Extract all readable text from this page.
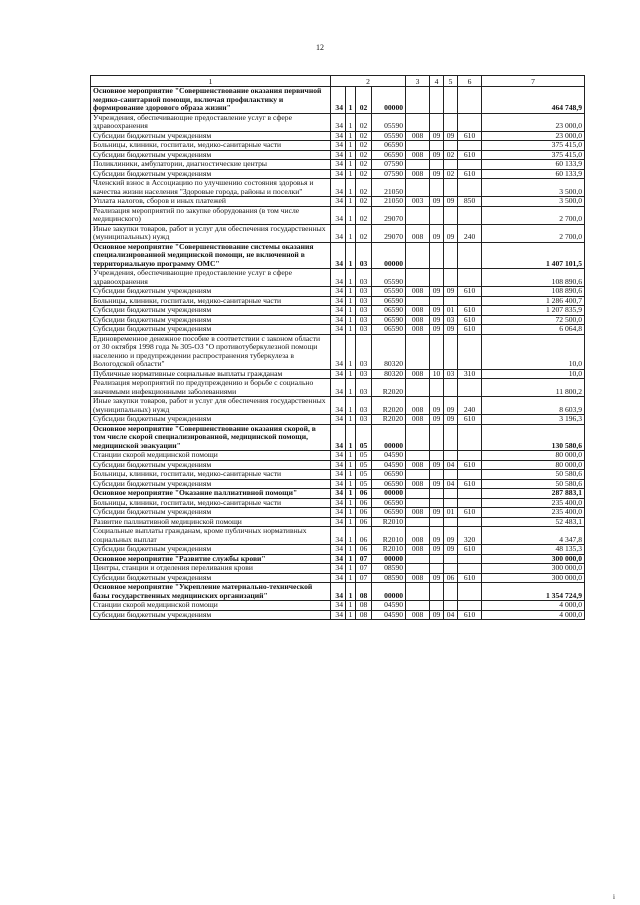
12
1	2				3	4	5	6	7
Основное мероприятие "Совершенствование оказания первичной медико-санитарной помощи, включая профилактику и формирование здорового образа жизни"	34	1	02	00000					464 748,9
Учреждения, обеспечивающие предоставление услуг в сфере здравоохранения	34	1	02	05590					23 000,0
Субсидии бюджетным учреждениям	34	1	02	05590	008	09	09	610	23 000,0
Больницы, клиники, госпитали, медико-санитарные части	34	1	02	06590					375 415,0
Субсидии бюджетным учреждениям	34	1	02	06590	008	09	02	610	375 415,0
Поликлиники, амбулатории, диагностические центры	34	1	02	07590					60 133,9
Субсидии бюджетным учреждениям	34	1	02	07590	008	09	02	610	60 133,9
Членский взнос в Ассоциацию по улучшению состояния здоровья и качества жизни населения "Здоровые города, районы и поселки"	34	1	02	21050					3 500,0
Уплата налогов, сборов и иных платежей	34	1	02	21050	003	09	09	850	3 500,0
Реализация мероприятий по закупке оборудования (в том числе медицинского)	34	1	02	29070					2 700,0
Иные закупки товаров, работ и услуг для обеспечения государственных (муниципальных) нужд	34	1	02	29070	008	09	09	240	2 700,0
Основное мероприятие "Совершенствование системы оказания специализированной медицинской помощи, не включенной в территориальную программу ОМС"	34	1	03	00000					1 407 101,5
Учреждения, обеспечивающие предоставление услуг в сфере здравоохранения	34	1	03	05590					108 890,6
Субсидии бюджетным учреждениям	34	1	03	05590	008	09	09	610	108 890,6
Больницы, клиники, госпитали, медико-санитарные части	34	1	03	06590					1 286 400,7
Субсидии бюджетным учреждениям	34	1	03	06590	008	09	01	610	1 207 835,9
Субсидии бюджетным учреждениям	34	1	03	06590	008	09	03	610	72 500,0
Субсидии бюджетным учреждениям	34	1	03	06590	008	09	09	610	6 064,8
Единовременное денежное пособие в соответствии с законом области от 30 октября 1998 года № 305-ОЗ "О противотуберкулезной помощи населению и предупреждении распространения туберкулеза в Вологодской области"	34	1	03	80320					10,0
Публичные нормативные социальные выплаты гражданам	34	1	03	80320	008	10	03	310	10,0
Реализация мероприятий по предупреждению и борьбе с социально значимыми инфекционными заболеваниями	34	1	03	R2020					11 800,2
Иные закупки товаров, работ и услуг для обеспечения государственных (муниципальных) нужд	34	1	03	R2020	008	09	09	240	8 603,9
Субсидии бюджетным учреждениям	34	1	03	R2020	008	09	09	610	3 196,3
Основное мероприятие "Совершенствование оказания скорой, в том числе скорой специализированной, медицинской помощи, медицинской эвакуации"	34	1	05	00000					130 580,6
Станции скорой медицинской помощи	34	1	05	04590					80 000,0
Субсидии бюджетным учреждениям	34	1	05	04590	008	09	04	610	80 000,0
Больницы, клиники, госпитали, медико-санитарные части	34	1	05	06590					50 580,6
Субсидии бюджетным учреждениям	34	1	05	06590	008	09	04	610	50 580,6
Основное мероприятие "Оказание паллиативной помощи"	34	1	06	00000					287 883,1
Больницы, клиники, госпитали, медико-санитарные части	34	1	06	06590					235 400,0
Субсидии бюджетным учреждениям	34	1	06	06590	008	09	01	610	235 400,0
Развитие паллиативной медицинской помощи	34	1	06	R2010					52 483,1
Социальные выплаты гражданам, кроме публичных нормативных социальных выплат	34	1	06	R2010	008	09	09	320	4 347,8
Субсидии бюджетным учреждениям	34	1	06	R2010	008	09	09	610	48 135,3
Основное мероприятие "Развитие службы крови"	34	1	07	00000					300 000,0
Центры, станции и отделения переливания крови	34	1	07	08590					300 000,0
Субсидии бюджетным учреждениям	34	1	07	08590	008	09	06	610	300 000,0
Основное мероприятие "Укрепление материально-технической базы государственных медицинских организаций"	34	1	08	00000					1 354 724,9
Станции скорой медицинской помощи	34	1	08	04590					4 000,0
Субсидии бюджетным учреждениям	34	1	08	04590	008	09	04	610	4 000,0
i
